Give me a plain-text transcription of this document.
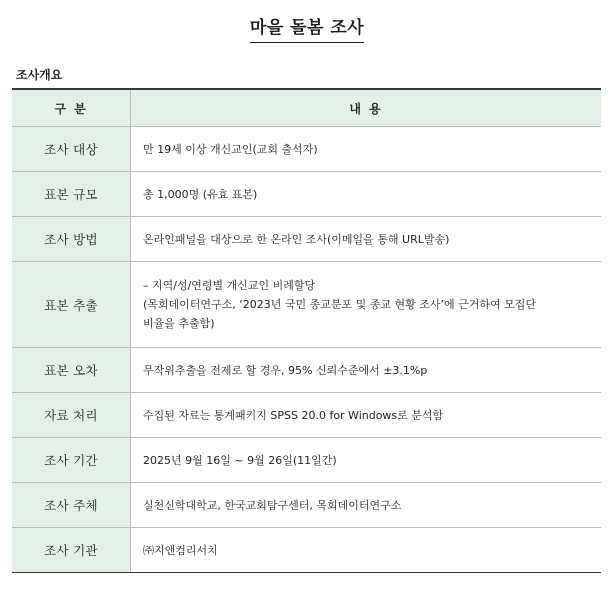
마을 돌봄 조사
조사개요
구 분	내 용
조사 대상	만 19세 이상 개신교인(교회 출석자)

표본 규모	총 1,000명 (유효 표본)

조사 방법	온라인패널을 대상으로 한 온라인 조사(이메일을 통해 URL발송)

표본 추출	– 지역/성/연령별 개신교인 비례할당
(목회데이터연구소, ‘2023년 국민 종교분포 및 종교 현황 조사’에 근거하여 모집단
비율을 추출함)

표본 오차	무작위추출을 전제로 할 경우, 95% 신뢰수준에서 ±3.1%p

자료 처리	수집된 자료는 통계패키지 SPSS 20.0 for Windows로 분석함

조사 기간	2025년 9월 16일 ~ 9월 26일(11일간)

조사 주체	실천신학대학교, 한국교회탐구센터, 목회데이터연구소

조사 기관	㈜지앤컴리서치
